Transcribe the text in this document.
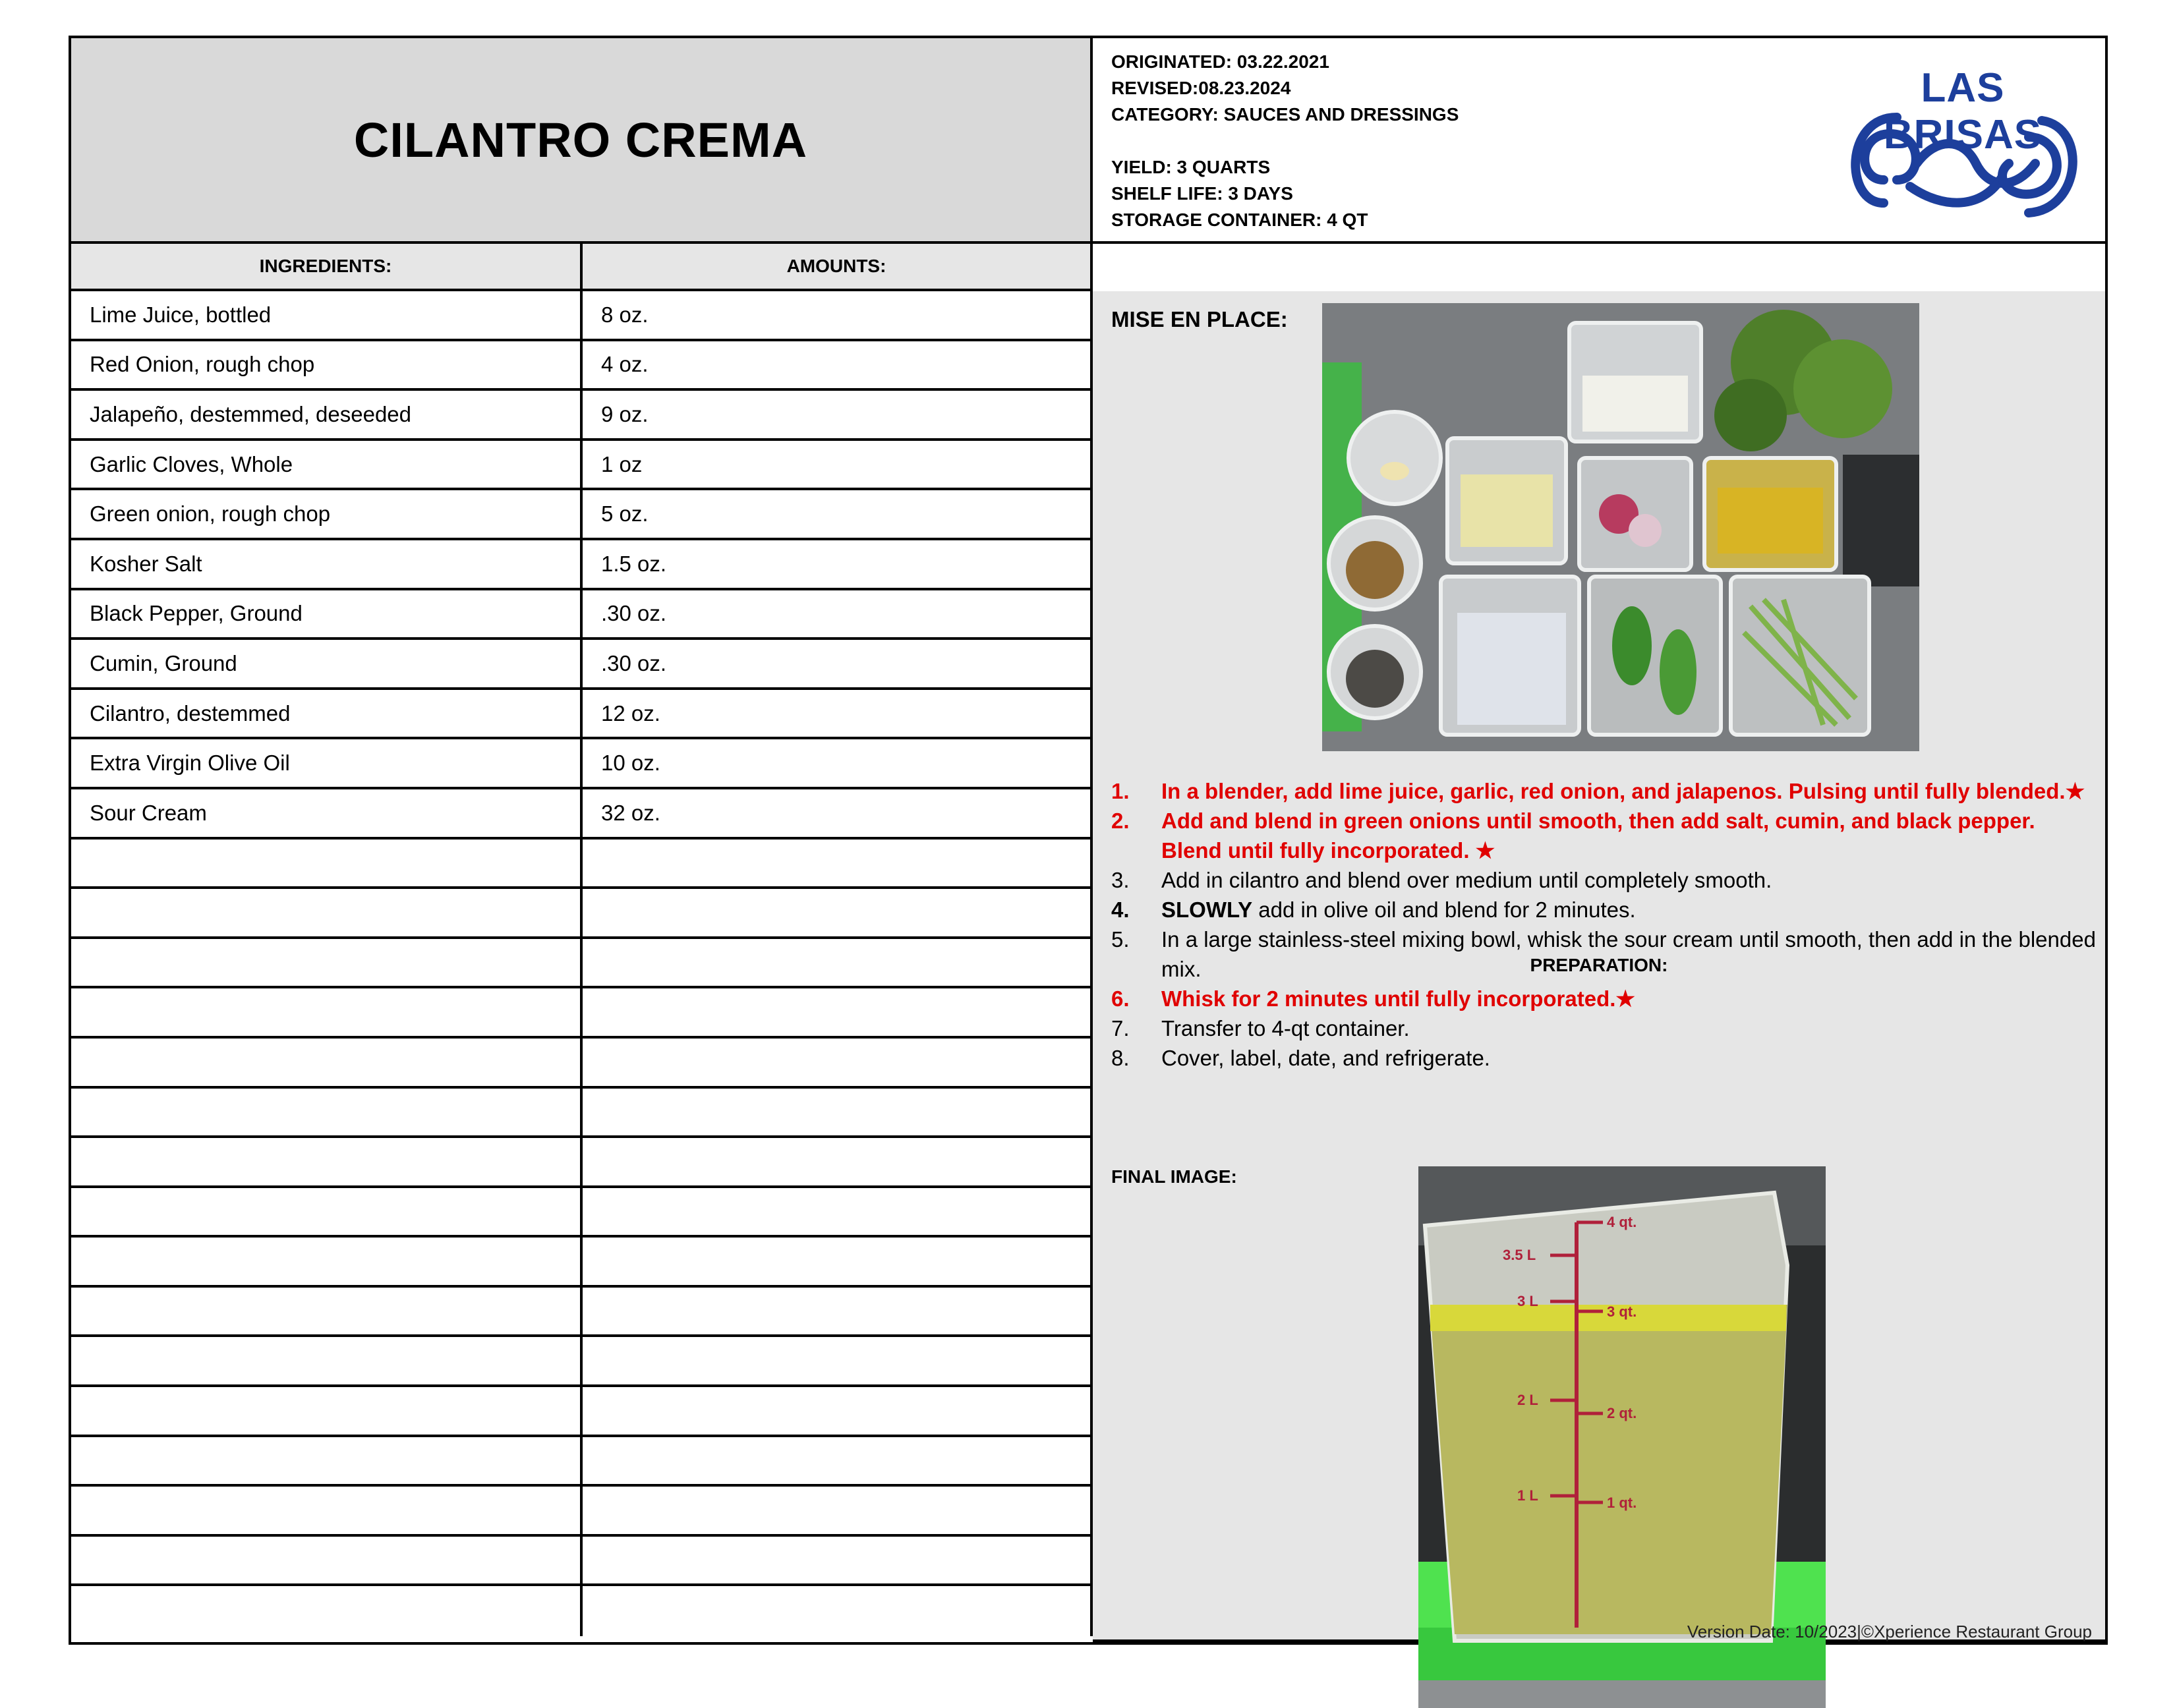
CILANTRO CREMA
ORIGINATED: 03.22.2021
REVISED:08.23.2024
CATEGORY: SAUCES AND DRESSINGS
YIELD: 3 QUARTS
SHELF LIFE: 3 DAYS
STORAGE CONTAINER: 4 QT
LAS BRISAS
INGREDIENTS:	AMOUNTS:
PREPARATION:
Lime Juice, bottled	8 oz.
Red Onion, rough chop	4 oz.
Jalapeño, destemmed, deseeded	9 oz.
Garlic Cloves, Whole	1 oz
Green onion, rough chop	5 oz.
Kosher Salt	1.5 oz.
Black Pepper, Ground	.30 oz.
Cumin, Ground	.30 oz.
Cilantro, destemmed	12 oz.
Extra Virgin Olive Oil	10 oz.
Sour Cream	32 oz.
MISE EN PLACE:
1. In a blender, add lime juice, garlic, red onion, and jalapenos. Pulsing until fully blended.★
2. Add and blend in green onions until smooth, then add salt, cumin, and black pepper. Blend until fully incorporated. ★
3. Add in cilantro and blend over medium until completely smooth.
4. SLOWLY add in olive oil and blend for 2 minutes.
5. In a large stainless-steel mixing bowl, whisk the sour cream until smooth, then add in the blended mix.
6. Whisk for 2 minutes until fully incorporated.★
7. Transfer to 4-qt container.
8. Cover, label, date, and refrigerate.
FINAL IMAGE:
4 qt.
3.5 L
3 L
3 qt.
2 L
2 qt.
1 L	1 qt.
Version Date: 10/2023|©Xperience Restaurant Group
